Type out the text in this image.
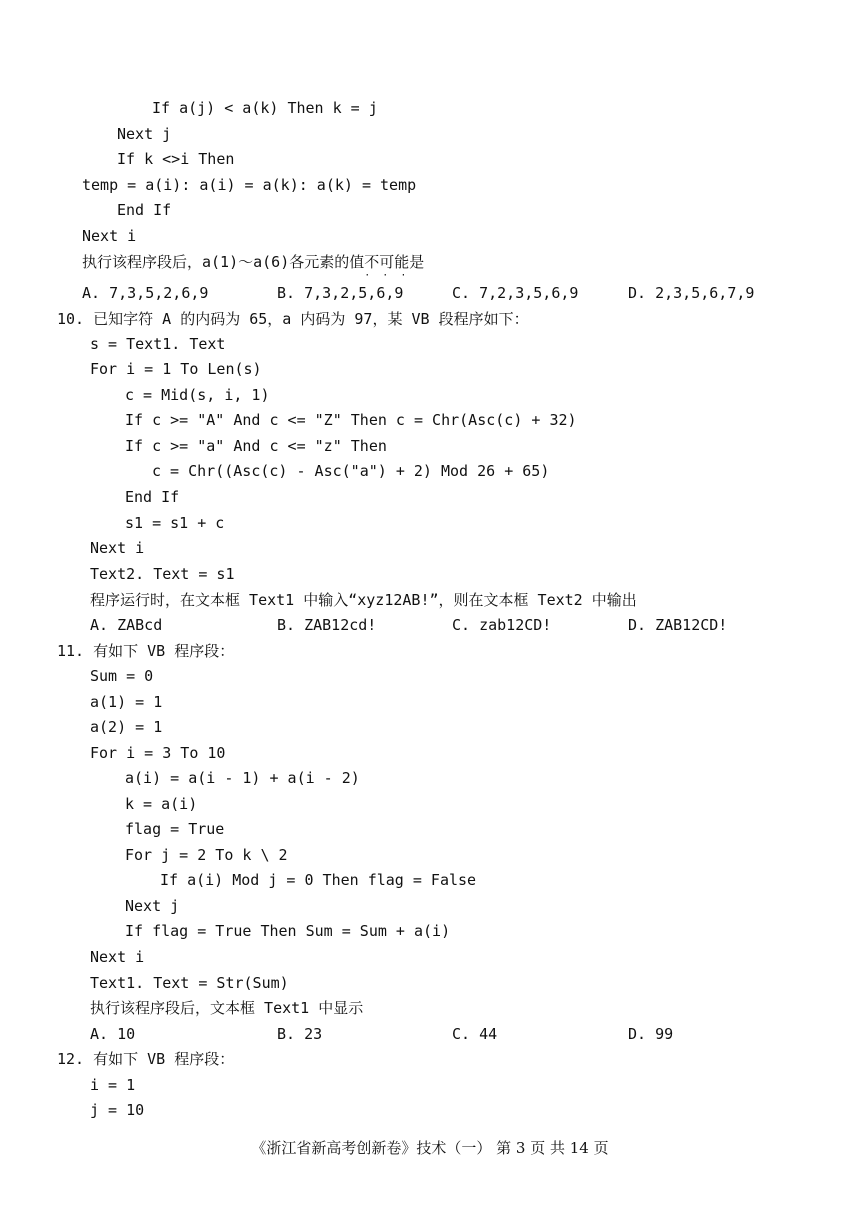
If a(j) < a(k) Then k = j
Next j
If k <>i Then
temp = a(i): a(i) = a(k): a(k) = temp
End If
Next i
执行该程序段后，a(1)～a(6)各元素的值不可能 · · ·是
A. 7,3,5,2,6,9	B. 7,3,2,5,6,9	C. 7,2,3,5,6,9	D. 2,3,5,6,7,9
10. 已知字符 A 的内码为 65，a 内码为 97，某 VB 段程序如下：
s = Text1. Text
For i = 1 To Len(s)
c = Mid(s, i, 1)
If c >= "A" And c <= "Z" Then c = Chr(Asc(c) + 32)
If c >= "a" And c <= "z" Then
c = Chr((Asc(c) - Asc("a") + 2) Mod 26 + 65)
End If
s1 = s1 + c
Next i
Text2. Text = s1
程序运行时，在文本框 Text1 中输入“xyz12AB!”，则在文本框 Text2 中输出
A. ZABcd	B. ZAB12cd!	C. zab12CD!	D. ZAB12CD!
11. 有如下 VB 程序段：
Sum = 0
a(1) = 1
a(2) = 1
For i = 3 To 10
a(i) = a(i - 1) + a(i - 2)
k = a(i)
flag = True
For j = 2 To k \ 2
If a(i) Mod j = 0 Then flag = False
Next j
If flag = True Then Sum = Sum + a(i)
Next i
Text1. Text = Str(Sum)
执行该程序段后，文本框 Text1 中显示
A. 10	B. 23	C. 44	D. 99
12. 有如下 VB 程序段：
i = 1
j = 10
《浙江省新高考创新卷》技术（一） 第 3 页 共 14 页
